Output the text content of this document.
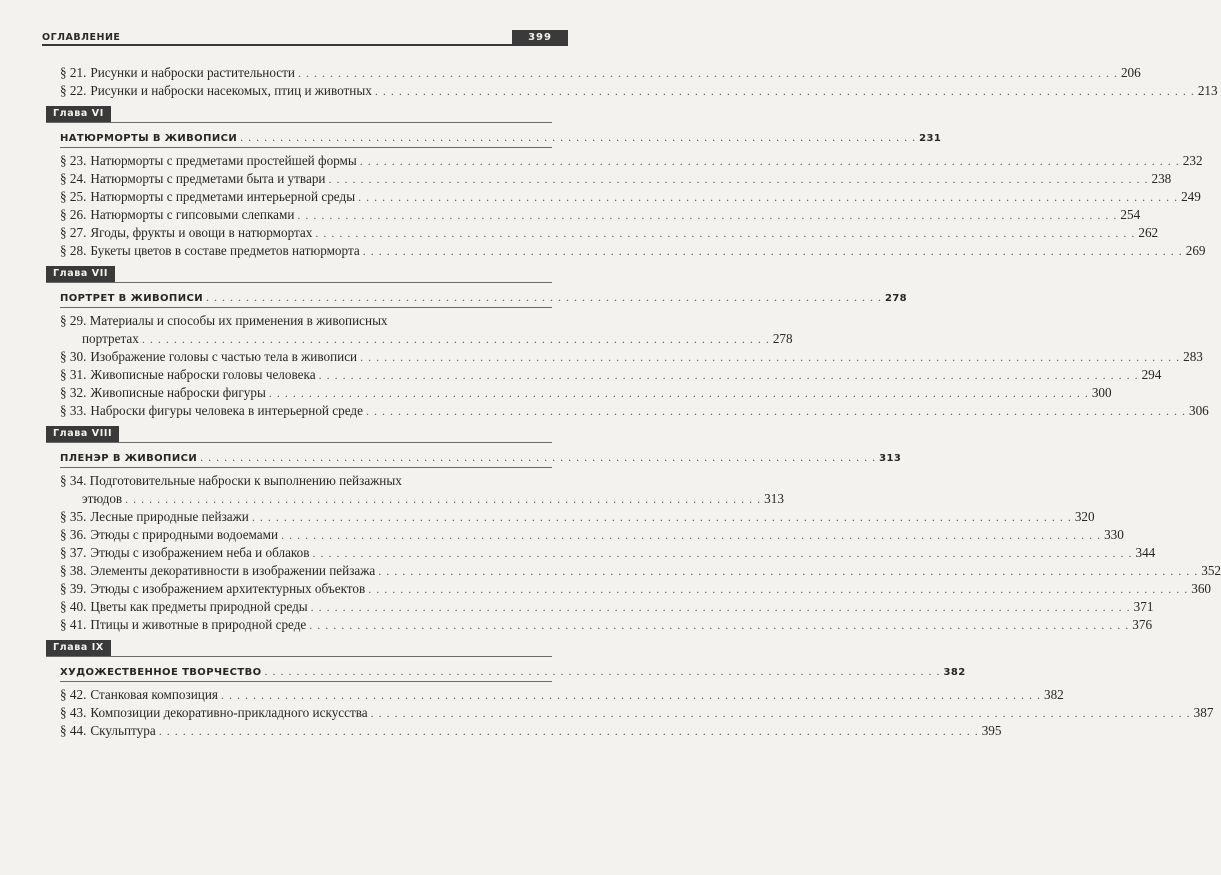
ОГЛАВЛЕНИЕ	399
§ 21. Рисунки и наброски растительности . . .	206
§ 22. Рисунки и наброски насекомых, птиц и животных . . .	213
Глава VI
НАТЮРМОРТЫ В ЖИВОПИСИ . . .	231
§ 23. Натюрморты с предметами простейшей формы . . .	232
§ 24. Натюрморты с предметами быта и утвари . . .	238
§ 25. Натюрморты с предметами интерьерной среды . . .	249
§ 26. Натюрморты с гипсовыми слепками . . .	254
§ 27. Ягоды, фрукты и овощи в натюрмортах . . .	262
§ 28. Букеты цветов в составе предметов натюрморта . . .	269
Глава VII
ПОРТРЕТ В ЖИВОПИСИ . . .	278
§ 29. Материалы и способы их применения в живописных
портретах . . . . . . . . . . . . . . . . . . . . . . . . . . . . . . . . . . . . . . . . . . . . . . . . . . . . . . . . . . . . . . . . . . . . . . . . . . . . . . . 278
§ 30. Изображение головы с частью тела в живописи . . .	283
§ 31. Живописные наброски головы человека . . .	294
§ 32. Живописные наброски фигуры . . .	300
§ 33. Наброски фигуры человека в интерьерной среде . . .	306
Глава VIII
ПЛЕНЭР В ЖИВОПИСИ . . .	313
§ 34. Подготовительные наброски к выполнению пейзажных
этюдов . . . . . . . . . . . . . . . . . . . . . . . . . . . . . . . . . . . . . . . . . . . . . . . . . . . . . . . . . . . . . . . . . . . . . . . . . . . . . . . . 313
§ 35. Лесные природные пейзажи . . .	320
§ 36. Этюды с природными водоемами . . .	330
§ 37. Этюды с изображением неба и облаков . . .	344
§ 38. Элементы декоративности в изображении пейзажа . . .	352
§ 39. Этюды с изображением архитектурных объектов . . .	360
§ 40. Цветы как предметы природной среды . . .	371
§ 41. Птицы и животные в природной среде . . .	376
Глава IX
ХУДОЖЕСТВЕННОЕ ТВОРЧЕСТВО . . .	382
§ 42. Станковая композиция . . .	382
§ 43. Композиции декоративно-прикладного искусства . . .	387
§ 44. Скульптура . . .	395
